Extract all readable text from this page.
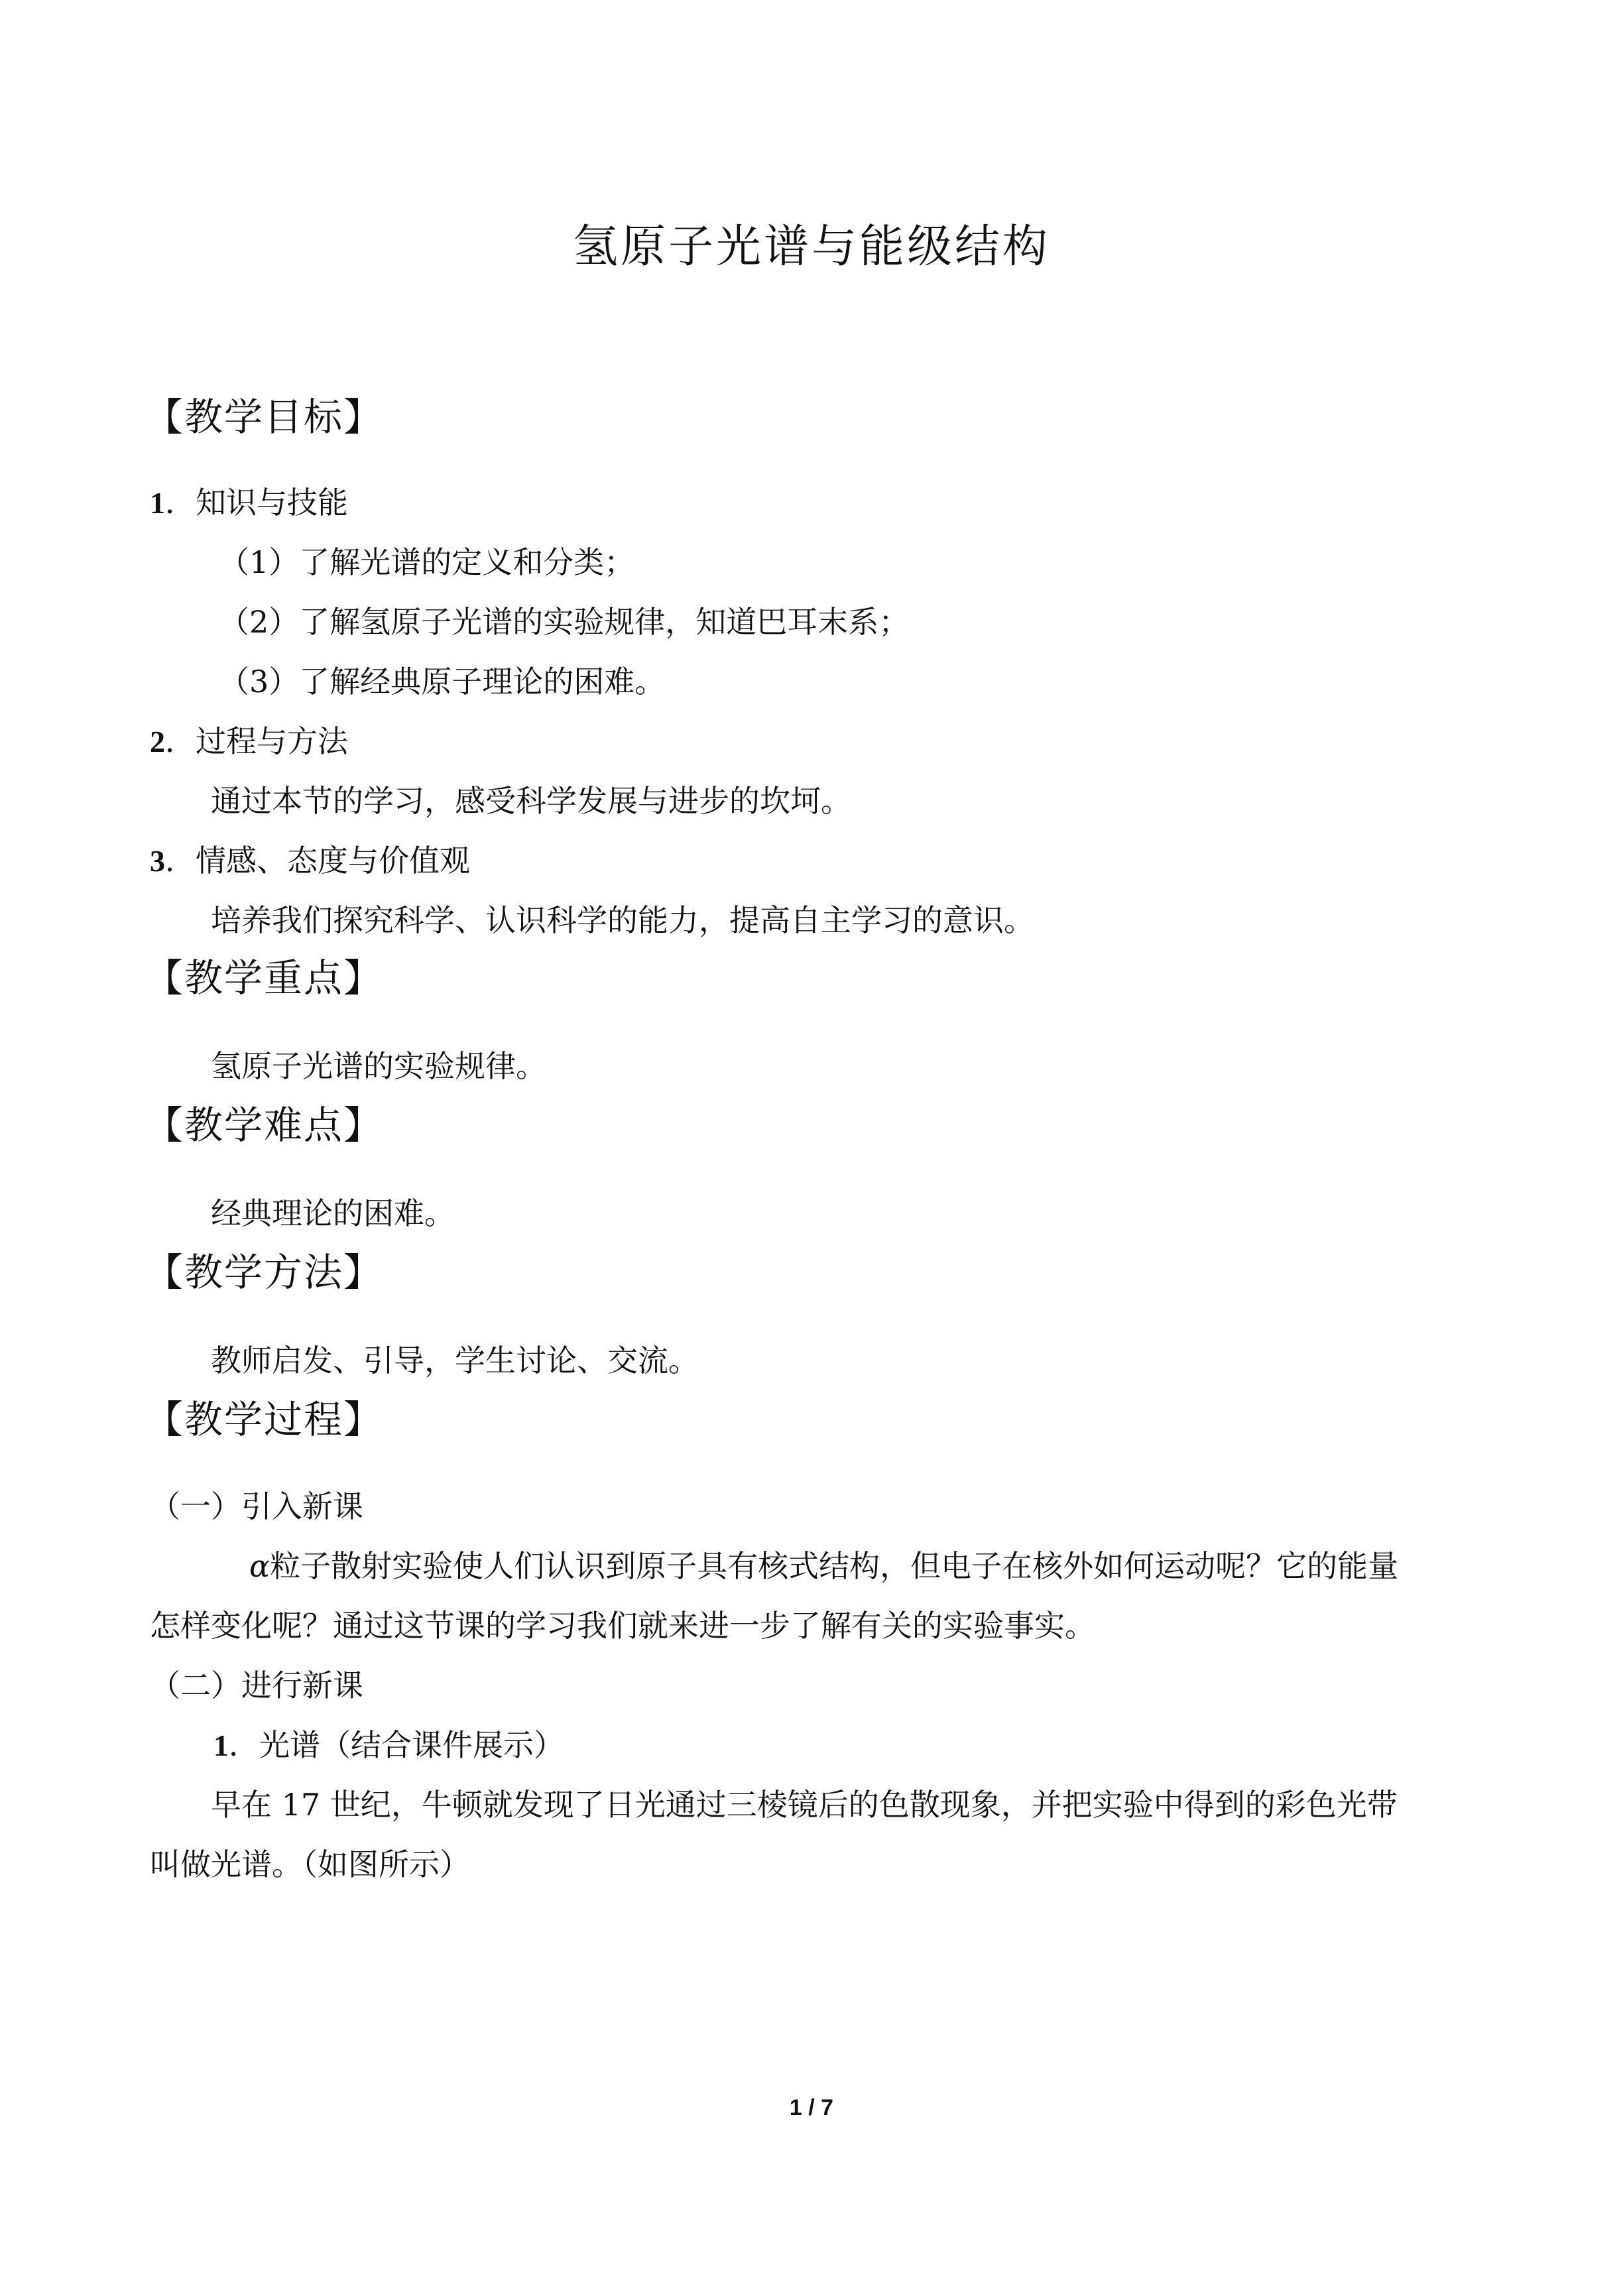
氢原子光谱与能级结构
【教学目标】
1．知识与技能
（1）了解光谱的定义和分类；
（2）了解氢原子光谱的实验规律，知道巴耳末系；
（3）了解经典原子理论的困难。
2．过程与方法
通过本节的学习，感受科学发展与进步的坎坷。
3．情感、态度与价值观
培养我们探究科学、认识科学的能力，提高自主学习的意识。
【教学重点】
氢原子光谱的实验规律。
【教学难点】
经典理论的困难。
【教学方法】
教师启发、引导，学生讨论、交流。
【教学过程】
（一）引入新课
α粒子散射实验使人们认识到原子具有核式结构，但电子在核外如何运动呢？它的能量
怎样变化呢？通过这节课的学习我们就来进一步了解有关的实验事实。
（二）进行新课
1．光谱（结合课件展示）
早在 17 世纪，牛顿就发现了日光通过三棱镜后的色散现象，并把实验中得到的彩色光带
叫做光谱。（如图所示）
1 / 7
